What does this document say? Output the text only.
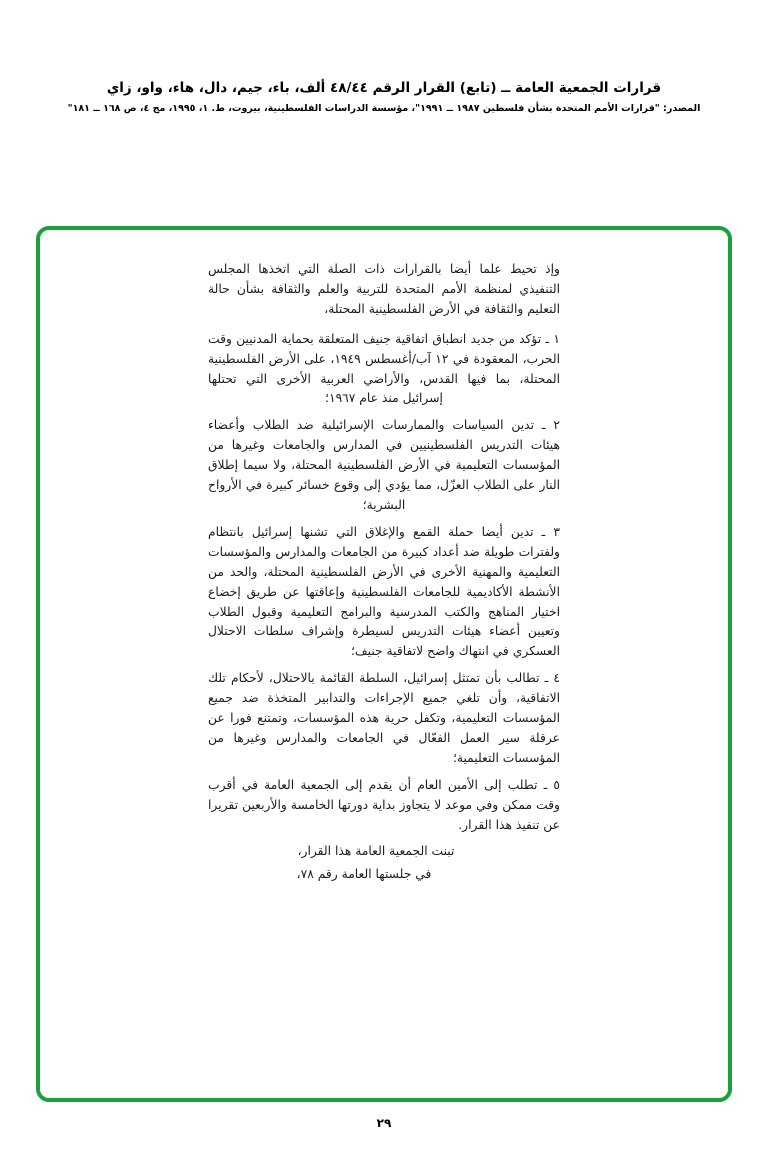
قرارات الجمعية العامة ــ (تابع) القرار الرقم ٤٨/٤٤ ألف، باء، جيم، دال، هاء، واو، زاي
المصدر: "قرارات الأمم المتحدة بشأن فلسطين ١٩٨٧ ــ ١٩٩١"، مؤسسة الدراسات الفلسطينية، بيروت، ط. ١، ١٩٩٥، مج ٤، ص ١٦٨ ــ ١٨١"

وإذ تحيط علما أيضا بالقرارات ذات الصلة التي اتخذها المجلس التنفيذي لمنظمة الأمم المتحدة للتربية والعلم والثقافة بشأن حالة التعليم والثقافة في الأرض الفلسطينية المحتلة،

١ ـ تؤكد من جديد انطباق اتفاقية جنيف المتعلقة بحماية المدنيين وقت الحرب، المعقودة في ١٢ آب/أغسطس ١٩٤٩، على الأرض الفلسطينية المحتلة، بما فيها القدس، والأراضي العربية الأخرى التي تحتلها إسرائيل منذ عام ١٩٦٧؛

٢ ـ تدين السياسات والممارسات الإسرائيلية ضد الطلاب وأعضاء هيئات التدريس الفلسطينيين في المدارس والجامعات وغيرها من المؤسسات التعليمية في الأرض الفلسطينية المحتلة، ولا سيما إطلاق النار على الطلاب العزّل، مما يؤدي إلى وقوع خسائر كبيرة في الأرواح البشرية؛

٣ ـ تدين أيضا حملة القمع والإغلاق التي تشنها إسرائيل بانتظام ولفترات طويلة ضد أعداد كبيرة من الجامعات والمدارس والمؤسسات التعليمية والمهنية الأخرى في الأرض الفلسطينية المحتلة، والحد من الأنشطة الأكاديمية للجامعات الفلسطينية وإعاقتها عن طريق إخضاع اختيار المناهج والكتب المدرسية والبرامج التعليمية وقبول الطلاب وتعيين أعضاء هيئات التدريس لسيطرة وإشراف سلطات الاحتلال العسكري في انتهاك واضح لاتفاقية جنيف؛

٤ ـ تطالب بأن تمتثل إسرائيل، السلطة القائمة بالاحتلال، لأحكام تلك الاتفاقية، وأن تلغي جميع الإجراءات والتدابير المتخذة ضد جميع المؤسسات التعليمية، وتكفل حرية هذه المؤسسات، وتمتنع فورا عن عرقلة سير العمل الفعّال في الجامعات والمدارس وغيرها من المؤسسات التعليمية؛

٥ ـ تطلب إلى الأمين العام أن يقدم إلى الجمعية العامة في أقرب وقت ممكن وفي موعد لا يتجاوز بداية دورتها الخامسة والأربعين تقريرا عن تنفيذ هذا القرار.

تبنت الجمعية العامة هذا القرار،

في جلستها العامة رقم ٧٨،

٢٩
